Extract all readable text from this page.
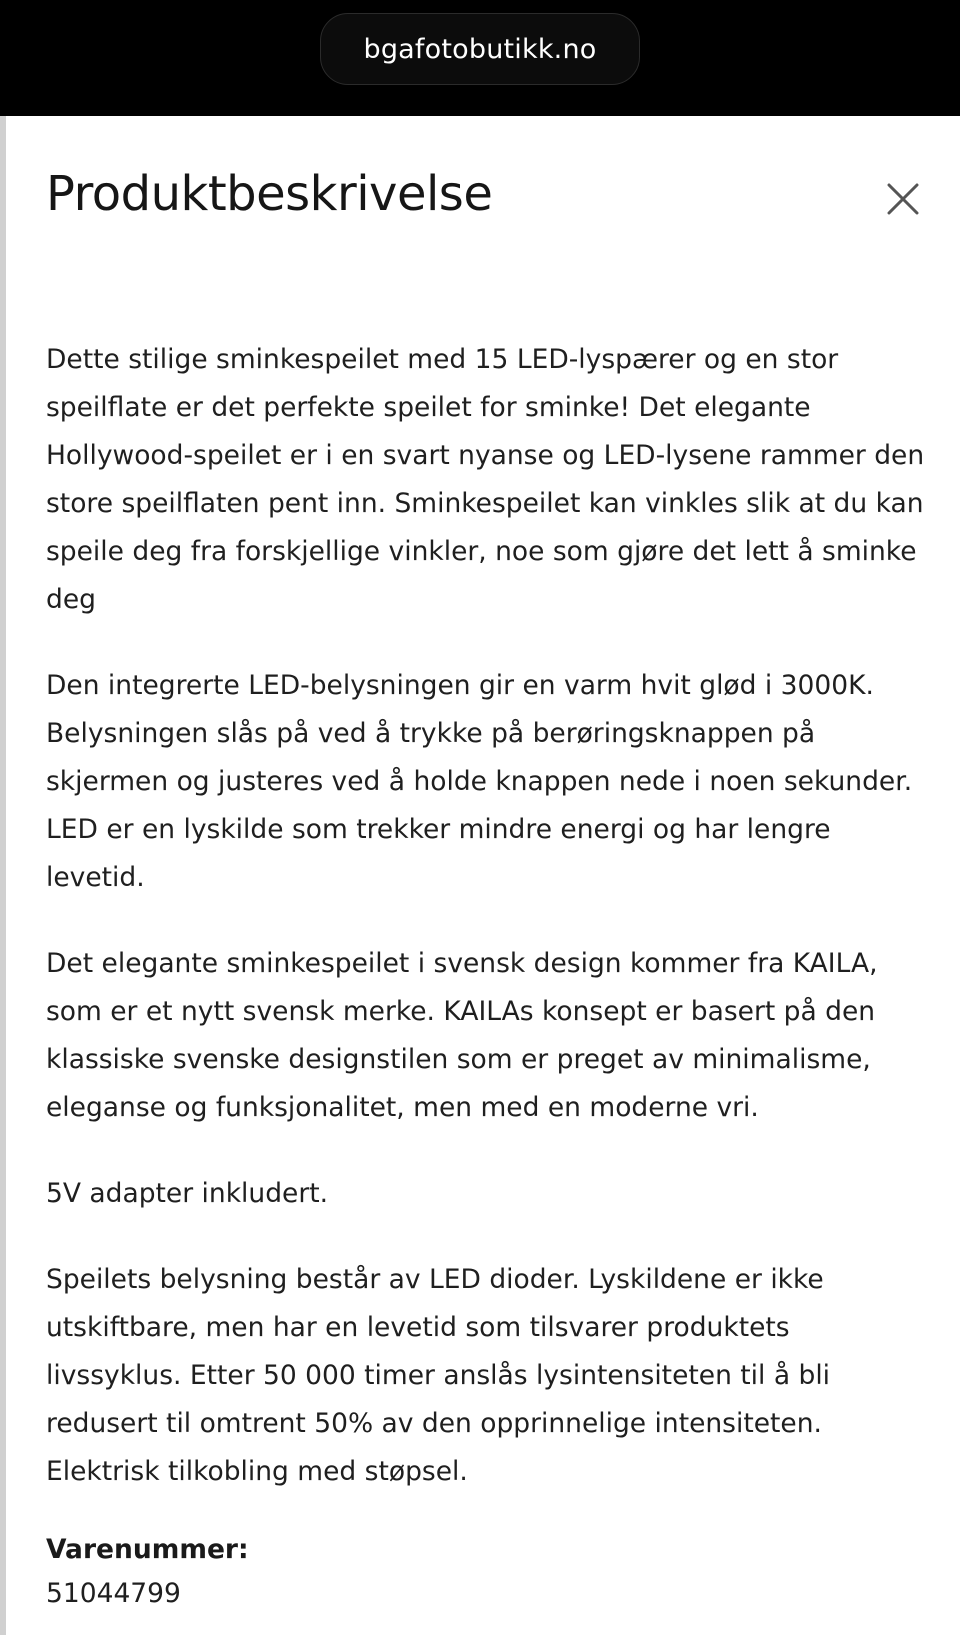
bgafotobutikk.no
Produktbeskrivelse

Dette stilige sminkespeilet med 15 LED-lyspærer og en stor speilflate er det perfekte speilet for sminke! Det elegante Hollywood-speilet er i en svart nyanse og LED-lysene rammer den store speilflaten pent inn. Sminkespeilet kan vinkles slik at du kan speile deg fra forskjellige vinkler, noe som gjøre det lett å sminke deg

Den integrerte LED-belysningen gir en varm hvit glød i 3000K. Belysningen slås på ved å trykke på berøringsknappen på skjermen og justeres ved å holde knappen nede i noen sekunder. LED er en lyskilde som trekker mindre energi og har lengre levetid.

Det elegante sminkespeilet i svensk design kommer fra KAILA, som er et nytt svensk merke. KAILAs konsept er basert på den klassiske svenske designstilen som er preget av minimalisme, eleganse og funksjonalitet, men med en moderne vri.

5V adapter inkludert.

Speilets belysning består av LED dioder. Lyskildene er ikke utskiftbare, men har en levetid som tilsvarer produktets livssyklus. Etter 50 000 timer anslås lysintensiteten til å bli redusert til omtrent 50% av den opprinnelige intensiteten. Elektrisk tilkobling med støpsel.

Varenummer:

51044799
